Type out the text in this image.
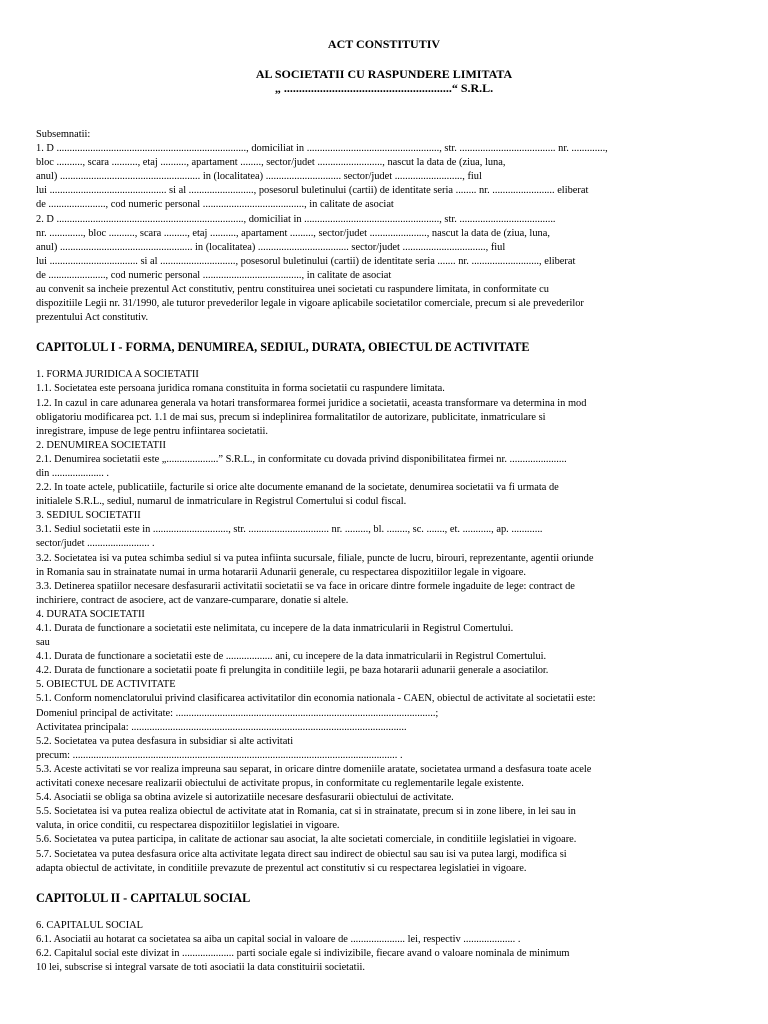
ACT CONSTITUTIV
AL SOCIETATII CU RASPUNDERE LIMITATA
„ ........................................................“ S.R.L.

Subsemnatii:

1. D ........................................................................., domiciliat in ..................................................., str. ..................................... nr. .............,

bloc .........., scara .........., etaj .........., apartament ........, sector/judet ........................., nascut la data de (ziua, luna,

anul) ...................................................... in (localitatea) ............................. sector/judet .........................., fiul

lui ............................................. si al ........................., posesorul buletinului (cartii) de identitate seria ........ nr. ........................ eliberat

de ......................, cod numeric personal ......................................., in calitate de asociat

2. D ........................................................................, domiciliat in ...................................................., str. .....................................

nr. ............., bloc .........., scara ........., etaj .........., apartament ........., sector/judet ......................, nascut la data de (ziua, luna,

anul) ................................................... in (localitatea) ................................... sector/judet ................................, fiul

lui .................................. si al ............................., posesorul buletinului (cartii) de identitate seria ....... nr. .........................., eliberat

de ......................, cod numeric personal ......................................, in calitate de asociat

au convenit sa incheie prezentul Act constitutiv, pentru constituirea unei societati cu raspundere limitata, in conformitate cu

dispozitiile Legii nr. 31/1990, ale tuturor prevederilor legale in vigoare aplicabile societatilor comerciale, precum si ale prevederilor

prezentului Act constitutiv.

CAPITOLUL I - FORMA, DENUMIREA, SEDIUL, DURATA, OBIECTUL DE ACTIVITATE

1. FORMA JURIDICA A SOCIETATII

1.1. Societatea este persoana juridica romana constituita in forma societatii cu raspundere limitata.

1.2. In cazul in care adunarea generala va hotari transformarea formei juridice a societatii, aceasta transformare va determina in mod

obligatoriu modificarea pct. 1.1 de mai sus, precum si indeplinirea formalitatilor de autorizare, publicitate, inmatriculare si

inregistrare, impuse de lege pentru infiintarea societatii.

2. DENUMIREA SOCIETATII

2.1. Denumirea societatii este „....................” S.R.L., in conformitate cu dovada privind disponibilitatea firmei nr. ......................

din .................... .

2.2. In toate actele, publicatiile, facturile si orice alte documente emanand de la societate, denumirea societatii va fi urmata de

initialele S.R.L., sediul, numarul de inmatriculare in Registrul Comertului si codul fiscal.

3. SEDIUL SOCIETATII

3.1. Sediul societatii este in ............................., str. ............................... nr. ........., bl. ........, sc. ......., et. ..........., ap. ............

sector/judet ........................ .

3.2. Societatea isi va putea schimba sediul si va putea infiinta sucursale, filiale, puncte de lucru, birouri, reprezentante, agentii oriunde

in Romania sau in strainatate numai in urma hotararii Adunarii generale, cu respectarea dispozitiilor legale in vigoare.

3.3. Detinerea spatiilor necesare desfasurarii activitatii societatii se va face in oricare dintre formele ingaduite de lege: contract de

inchiriere, contract de asociere, act de vanzare-cumparare, donatie si altele.

4. DURATA SOCIETATII

4.1. Durata de functionare a societatii este nelimitata, cu incepere de la data inmatricularii in Registrul Comertului.

sau

4.1. Durata de functionare a societatii este de .................. ani, cu incepere de la data inmatricularii in Registrul Comertului.

4.2. Durata de functionare a societatii poate fi prelungita in conditiile legii, pe baza hotararii adunarii generale a asociatilor.

5. OBIECTUL DE ACTIVITATE

5.1. Conform nomenclatorului privind clasificarea activitatilor din economia nationala - CAEN, obiectul de activitate al societatii este:

Domeniul principal de activitate: ....................................................................................................;

Activitatea principala: ..........................................................................................................

5.2. Societatea va putea desfasura in subsidiar si alte activitati

precum: ............................................................................................................................. .

5.3. Aceste activitati se vor realiza impreuna sau separat, in oricare dintre domeniile aratate, societatea urmand a desfasura toate acele

activitati conexe necesare realizarii obiectului de activitate propus, in conformitate cu reglementarile legale existente.

5.4. Asociatii se obliga sa obtina avizele si autorizatiile necesare desfasurarii obiectului de activitate.

5.5. Societatea isi va putea realiza obiectul de activitate atat in Romania, cat si in strainatate, precum si in zone libere, in lei sau in

valuta, in orice conditii, cu respectarea dispozitiilor legislatiei in vigoare.

5.6. Societatea va putea participa, in calitate de actionar sau asociat, la alte societati comerciale, in conditiile legislatiei in vigoare.

5.7. Societatea va putea desfasura orice alta activitate legata direct sau indirect de obiectul sau sau isi va putea largi, modifica si

adapta obiectul de activitate, in conditiile prevazute de prezentul act constitutiv si cu respectarea legislatiei in vigoare.

CAPITOLUL II - CAPITALUL SOCIAL

6. CAPITALUL SOCIAL

6.1. Asociatii au hotarat ca societatea sa aiba un capital social in valoare de ..................... lei, respectiv .................... .

6.2. Capitalul social este divizat in .................... parti sociale egale si indivizibile, fiecare avand o valoare nominala de minimum

10 lei, subscrise si integral varsate de toti asociatii la data constituirii societatii.
